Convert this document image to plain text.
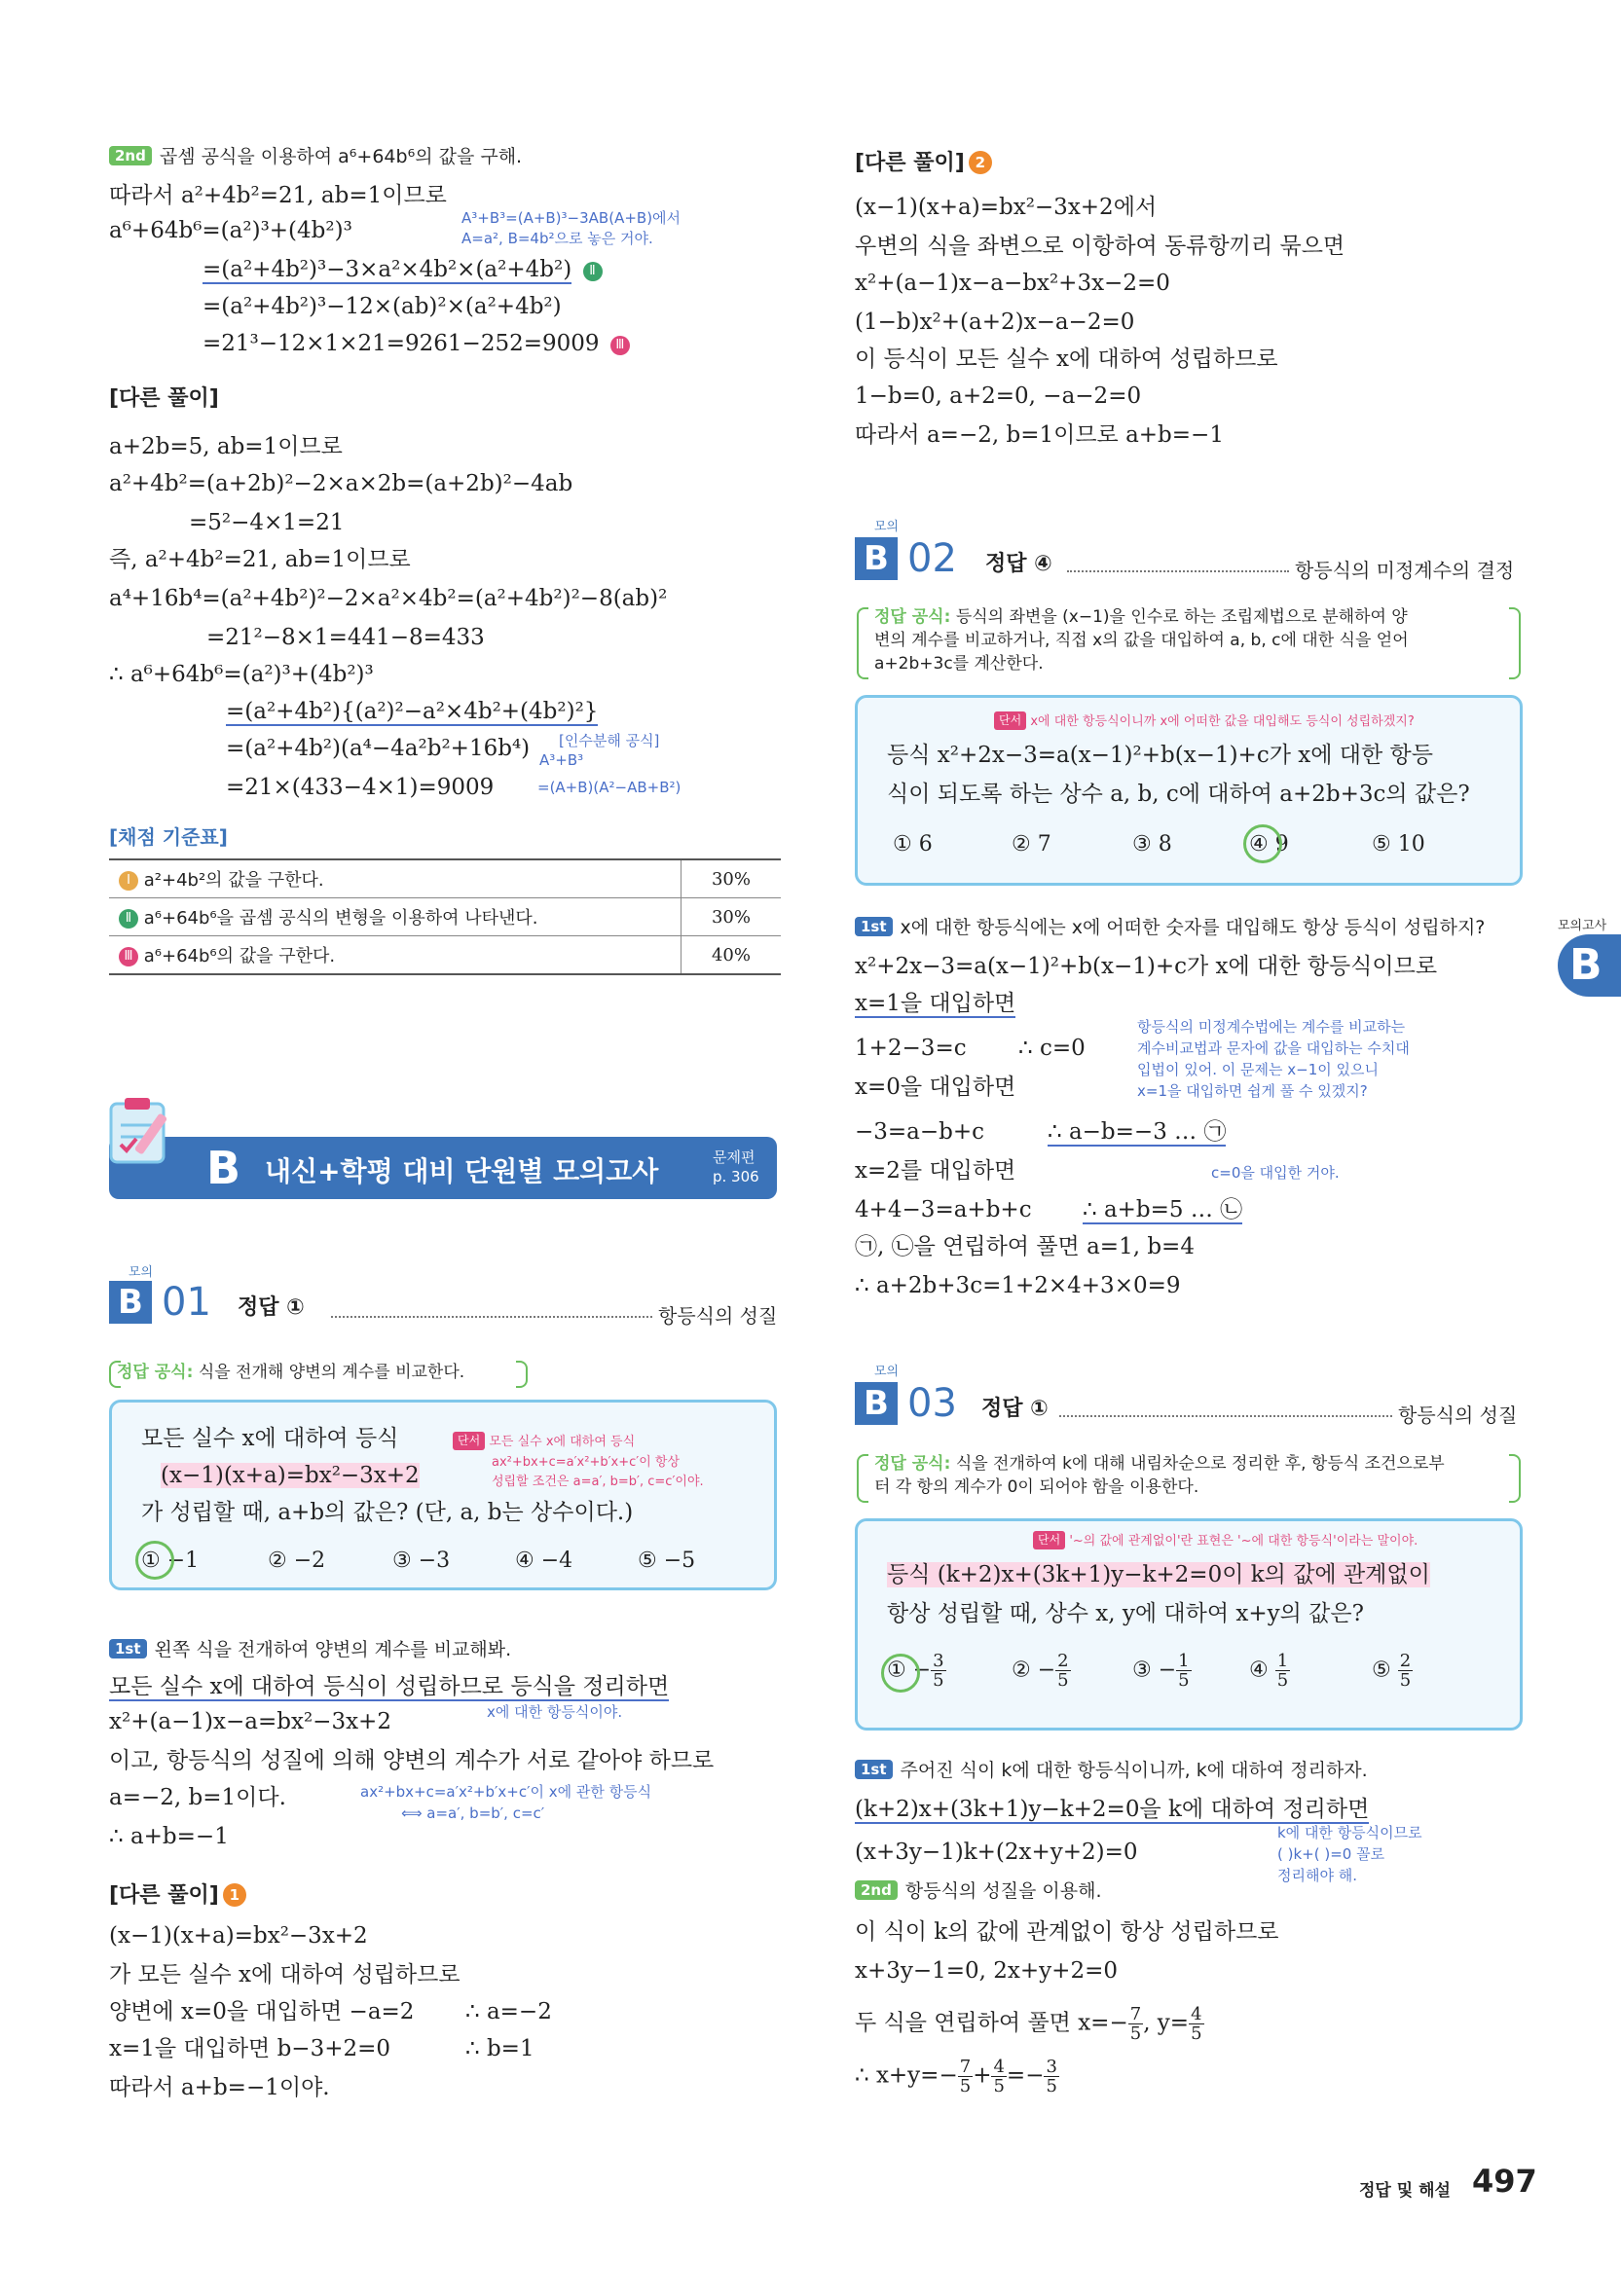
2nd 곱셈 공식을 이용하여 a⁶+64b⁶의 값을 구해.
따라서 a²+4b²=21, ab=1이므로
a⁶+64b⁶=(a²)³+(4b²)³	A³+B³=(A+B)³−3AB(A+B)에서
A=a², B=4b²으로 놓은 거야.
=(a²+4b²)³−3×a²×4b²×(a²+4b²) Ⅱ
=(a²+4b²)³−12×(ab)²×(a²+4b²)
=21³−12×1×21=9261−252=9009 Ⅲ
[다른 풀이]
a+2b=5, ab=1이므로
a²+4b²=(a+2b)²−2×a×2b=(a+2b)²−4ab
=5²−4×1=21
즉, a²+4b²=21, ab=1이므로
a⁴+16b⁴=(a²+4b²)²−2×a²×4b²=(a²+4b²)²−8(ab)²
=21²−8×1=441−8=433
∴ a⁶+64b⁶=(a²)³+(4b²)³
=(a²+4b²){(a²)²−a²×4b²+(4b²)²}
=(a²+4b²)(a⁴−4a²b²+16b⁴) [인수분해 공식]
A³+B³
=21×(433−4×1)=9009	=(A+B)(A²−AB+B²)
[채점 기준표]
Ⅰ a²+4b²의 값을 구한다.	30%
Ⅱ a⁶+64b⁶을 곱셈 공식의 변형을 이용하여 나타낸다.	30%
Ⅲ a⁶+64b⁶의 값을 구한다.	40%
B 내신+학평 대비 단원별 모의고사	문제편
p. 306
모의
B 01 정답 ①	항등식의 성질
정답 공식: 식을 전개해 양변의 계수를 비교한다.
모든 실수 x에 대하여 등식
(x−1)(x+a)=bx²−3x+2
가 성립할 때, a+b의 값은? (단, a, b는 상수이다.)
단서 모든 실수 x에 대하여 등식
ax²+bx+c=a′x²+b′x+c′이 항상
성립할 조건은 a=a′, b=b′, c=c′이야.
① −1	② −2	③ −3	④ −4	⑤ −5
1st 왼쪽 식을 전개하여 양변의 계수를 비교해봐.
모든 실수 x에 대하여 등식이 성립하므로 등식을 정리하면
x에 대한 항등식이야.
x²+(a−1)x−a=bx²−3x+2
이고, 항등식의 성질에 의해 양변의 계수가 서로 같아야 하므로
a=−2, b=1이다.	ax²+bx+c=a′x²+b′x+c′이 x에 관한 항등식
⟺ a=a′, b=b′, c=c′
∴ a+b=−1
[다른 풀이] 1
(x−1)(x+a)=bx²−3x+2
가 모든 실수 x에 대하여 성립하므로
양변에 x=0을 대입하면 −a=2 ∴ a=−2
x=1을 대입하면 b−3+2=0	∴ b=1
따라서 a+b=−1이야.
[다른 풀이] 2
(x−1)(x+a)=bx²−3x+2에서
우변의 식을 좌변으로 이항하여 동류항끼리 묶으면
x²+(a−1)x−a−bx²+3x−2=0
(1−b)x²+(a+2)x−a−2=0
이 등식이 모든 실수 x에 대하여 성립하므로
1−b=0, a+2=0, −a−2=0
따라서 a=−2, b=1이므로 a+b=−1
모의
B 02 정답 ④	항등식의 미정계수의 결정
정답 공식: 등식의 좌변을 (x−1)을 인수로 하는 조립제법으로 분해하여 양
변의 계수를 비교하거나, 직접 x의 값을 대입하여 a, b, c에 대한 식을 얻어
a+2b+3c를 계산한다.
단서 x에 대한 항등식이니까 x에 어떠한 값을 대입해도 등식이 성립하겠지?
등식 x²+2x−3=a(x−1)²+b(x−1)+c가 x에 대한 항등
식이 되도록 하는 상수 a, b, c에 대하여 a+2b+3c의 값은?
① 6	② 7	③ 8	④ 9	⑤ 10
1st x에 대한 항등식에는 x에 어떠한 숫자를 대입해도 항상 등식이 성립하지?
x²+2x−3=a(x−1)²+b(x−1)+c가 x에 대한 항등식이므로
x=1을 대입하면
1+2−3=c ∴ c=0
x=0을 대입하면
−3=a−b+c	∴ a−b=−3 … ㉠
x=2를 대입하면
4+4−3=a+b+c ∴ a+b=5 … ㉡
㉠, ㉡을 연립하여 풀면 a=1, b=4
∴ a+2b+3c=1+2×4+3×0=9
항등식의 미정계수법에는 계수를 비교하는
계수비교법과 문자에 값을 대입하는 수치대
입법이 있어. 이 문제는 x−1이 있으니
x=1을 대입하면 쉽게 풀 수 있겠지?
c=0을 대입한 거야.
모의고사
B
모의
B 03 정답 ①	항등식의 성질
정답 공식: 식을 전개하여 k에 대해 내림차순으로 정리한 후, 항등식 조건으로부
터 각 항의 계수가 0이 되어야 함을 이용한다.
단서 '~의 값에 관계없이'란 표현은 '~에 대한 항등식'이라는 말이야.
등식 (k+2)x+(3k+1)y−k+2=0이 k의 값에 관계없이
항상 성립할 때, 상수 x, y에 대하여 x+y의 값은?
① − $\frac{3}{5}$	② − $\frac{2}{5}$	③ − $\frac{1}{5}$	④ $\frac{1}{5}$	⑤ $\frac{2}{5}$
1st 주어진 식이 k에 대한 항등식이니까, k에 대하여 정리하자.
(k+2)x+(3k+1)y−k+2=0을 k에 대하여 정리하면
(x+3y−1)k+(2x+y+2)=0
k에 대한 항등식이므로
( )k+( )=0 꼴로
정리해야 해.
2nd 항등식의 성질을 이용해.
이 식이 k의 값에 관계없이 항상 성립하므로
x+3y−1=0, 2x+y+2=0
두 식을 연립하여 풀면 $x=- \frac{7}{5}$ , $y= \frac{4}{5}$
∴ $x+y=- \frac{7}{5} + \frac{4}{5} =- \frac{3}{5}$
정답 및 해설 497
